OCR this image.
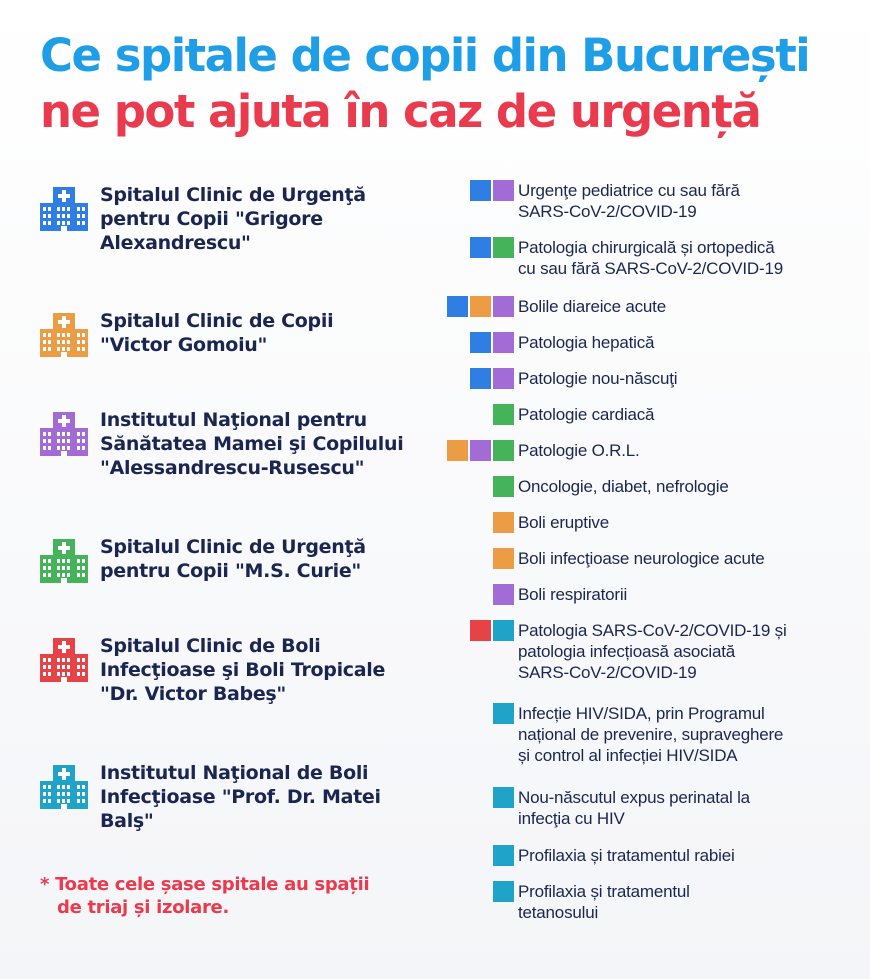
Ce spitale de copii din București
ne pot ajuta în caz de urgență
Spitalul Clinic de Urgenţă
pentru Copii "Grigore
Alexandrescu"
Spitalul Clinic de Copii
"Victor Gomoiu"
Institutul Naţional pentru
Sănătatea Mamei şi Copilului
"Alessandrescu-Rusescu"
Spitalul Clinic de Urgenţă
pentru Copii "M.S. Curie"
Spitalul Clinic de Boli
Infecţioase şi Boli Tropicale
"Dr. Victor Babeş"
Institutul Naţional de Boli
Infecţioase "Prof. Dr. Matei
Balş"
* Toate cele șase spitale au spații
de triaj și izolare.
Urgenţe pediatrice cu sau fără
SARS-CoV-2/COVID-19
Patologia chirurgicală și ortopedică
cu sau fără SARS-CoV-2/COVID-19
Bolile diareice acute
Patologia hepatică
Patologie nou-născuţi
Patologie cardiacă
Patologie O.R.L.
Oncologie, diabet, nefrologie
Boli eruptive
Boli infecţioase neurologice acute
Boli respiratorii
Patologia SARS-CoV-2/COVID-19 și
patologia infecțioasă asociată
SARS-CoV-2/COVID-19
Infecție HIV/SIDA, prin Programul
național de prevenire, supraveghere
și control al infecției HIV/SIDA
Nou-născutul expus perinatal la
infecţia cu HIV
Profilaxia și tratamentul rabiei
Profilaxia și tratamentul
tetanosului
